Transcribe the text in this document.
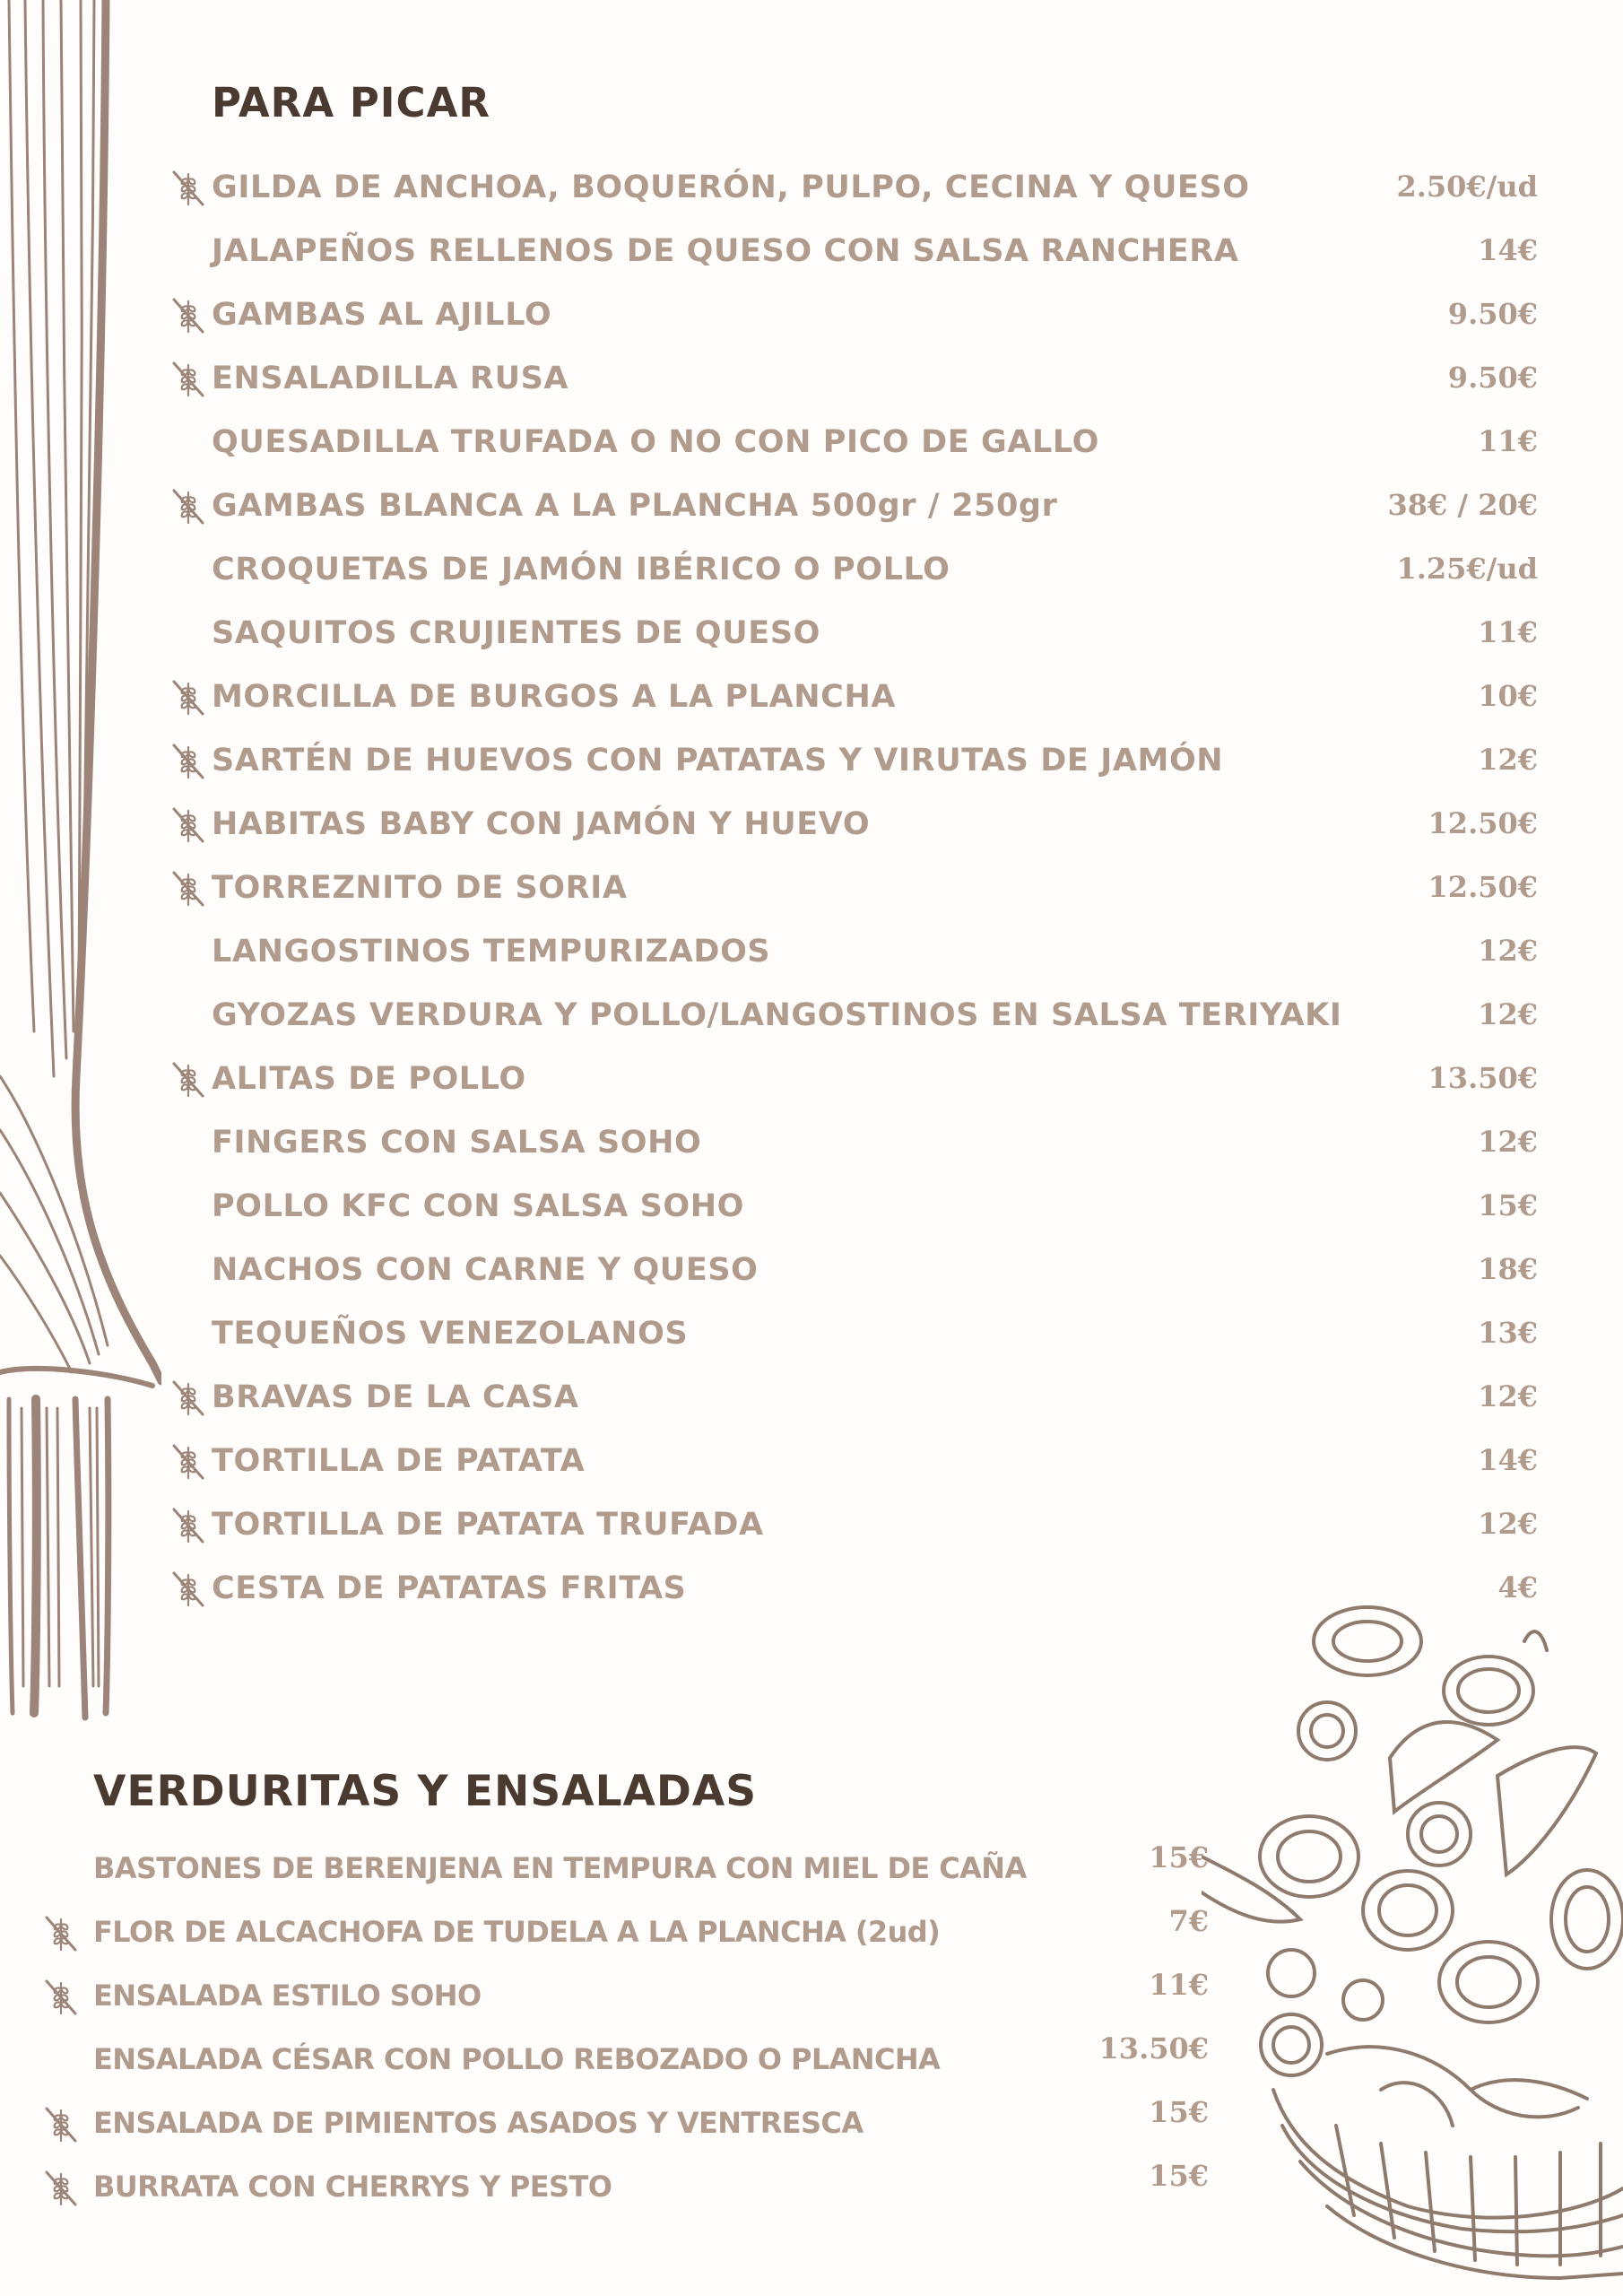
PARA PICAR
GILDA DE ANCHOA, BOQUERÓN, PULPO, CECINA Y QUESO	2.50€/ud
JALAPEÑOS RELLENOS DE QUESO CON SALSA RANCHERA	14€
GAMBAS AL AJILLO	9.50€
ENSALADILLA RUSA	9.50€
QUESADILLA TRUFADA O NO CON PICO DE GALLO	11€
GAMBAS BLANCA A LA PLANCHA 500gr / 250gr	38€ / 20€
CROQUETAS DE JAMÓN IBÉRICO O POLLO	1.25€/ud
SAQUITOS CRUJIENTES DE QUESO	11€
MORCILLA DE BURGOS A LA PLANCHA	10€
SARTÉN DE HUEVOS CON PATATAS Y VIRUTAS DE JAMÓN	12€
HABITAS BABY CON JAMÓN Y HUEVO	12.50€
TORREZNITO DE SORIA	12.50€
LANGOSTINOS TEMPURIZADOS	12€
GYOZAS VERDURA Y POLLO/LANGOSTINOS EN SALSA TERIYAKI	12€
ALITAS DE POLLO	13.50€
FINGERS CON SALSA SOHO	12€
POLLO KFC CON SALSA SOHO	15€
NACHOS CON CARNE Y QUESO	18€
TEQUEÑOS VENEZOLANOS	13€
BRAVAS DE LA CASA	12€
TORTILLA DE PATATA	14€
TORTILLA DE PATATA TRUFADA	12€
CESTA DE PATATAS FRITAS	4€
VERDURITAS Y ENSALADAS
BASTONES DE BERENJENA EN TEMPURA CON MIEL DE CAÑA	15€
FLOR DE ALCACHOFA DE TUDELA A LA PLANCHA (2ud)	7€
ENSALADA ESTILO SOHO	11€
ENSALADA CÉSAR CON POLLO REBOZADO O PLANCHA	13.50€
ENSALADA DE PIMIENTOS ASADOS Y VENTRESCA	15€
BURRATA CON CHERRYS Y PESTO	15€
